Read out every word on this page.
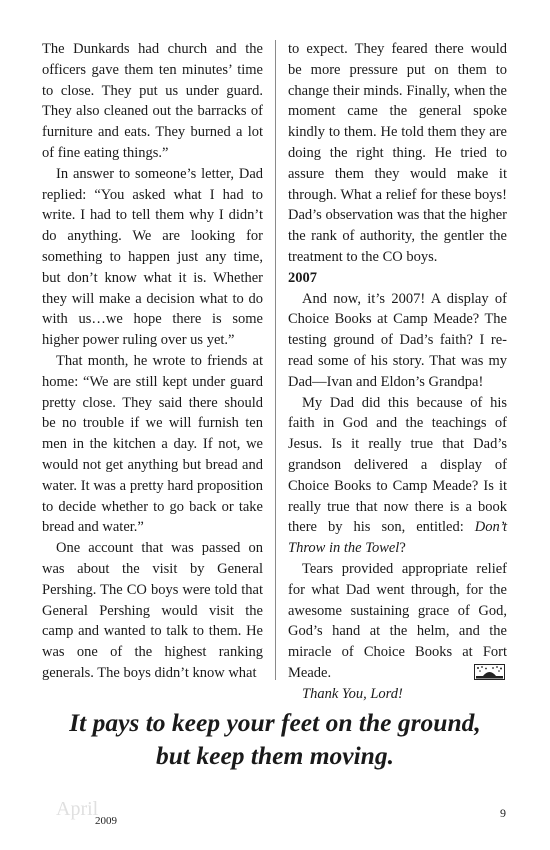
The Dunkards had church and the officers gave them ten minutes’ time to close. They put us under guard. They also cleaned out the barracks of furniture and eats. They burned a lot of fine eating things.”

In answer to someone’s letter, Dad replied: “You asked what I had to write. I had to tell them why I didn’t do anything. We are looking for something to happen just any time, but don’t know what it is. Whether they will make a decision what to do with us…we hope there is some higher power ruling over us yet.”

That month, he wrote to friends at home: “We are still kept under guard pretty close. They said there should be no trouble if we will furnish ten men in the kitchen a day. If not, we would not get anything but bread and water. It was a pretty hard proposition to decide whether to go back or take bread and water.”

One account that was passed on was about the visit by General Pershing. The CO boys were told that General Pershing would visit the camp and wanted to talk to them. He was one of the highest ranking generals. The boys didn’t know what

to expect. They feared there would be more pressure put on them to change their minds. Finally, when the moment came the general spoke kindly to them. He told them they are doing the right thing. He tried to assure them they would make it through. What a relief for these boys! Dad’s observation was that the higher the rank of authority, the gentler the treatment to the CO boys.

2007

And now, it’s 2007! A display of Choice Books at Camp Meade? The testing ground of Dad’s faith? I re-read some of his story. That was my Dad—Ivan and Eldon’s Grandpa!

My Dad did this because of his faith in God and the teachings of Jesus. Is it really true that Dad’s grandson delivered a display of Choice Books to Camp Meade? Is it really true that now there is a book there by his son, entitled: Don’t Throw in the Towel?

Tears provided appropriate relief for what Dad went through, for the awesome sustaining grace of God, God’s hand at the helm, and the miracle of Choice Books at Fort Meade.

Thank You, Lord!

It pays to keep your feet on the ground,
but keep them moving.
April
2009
9
